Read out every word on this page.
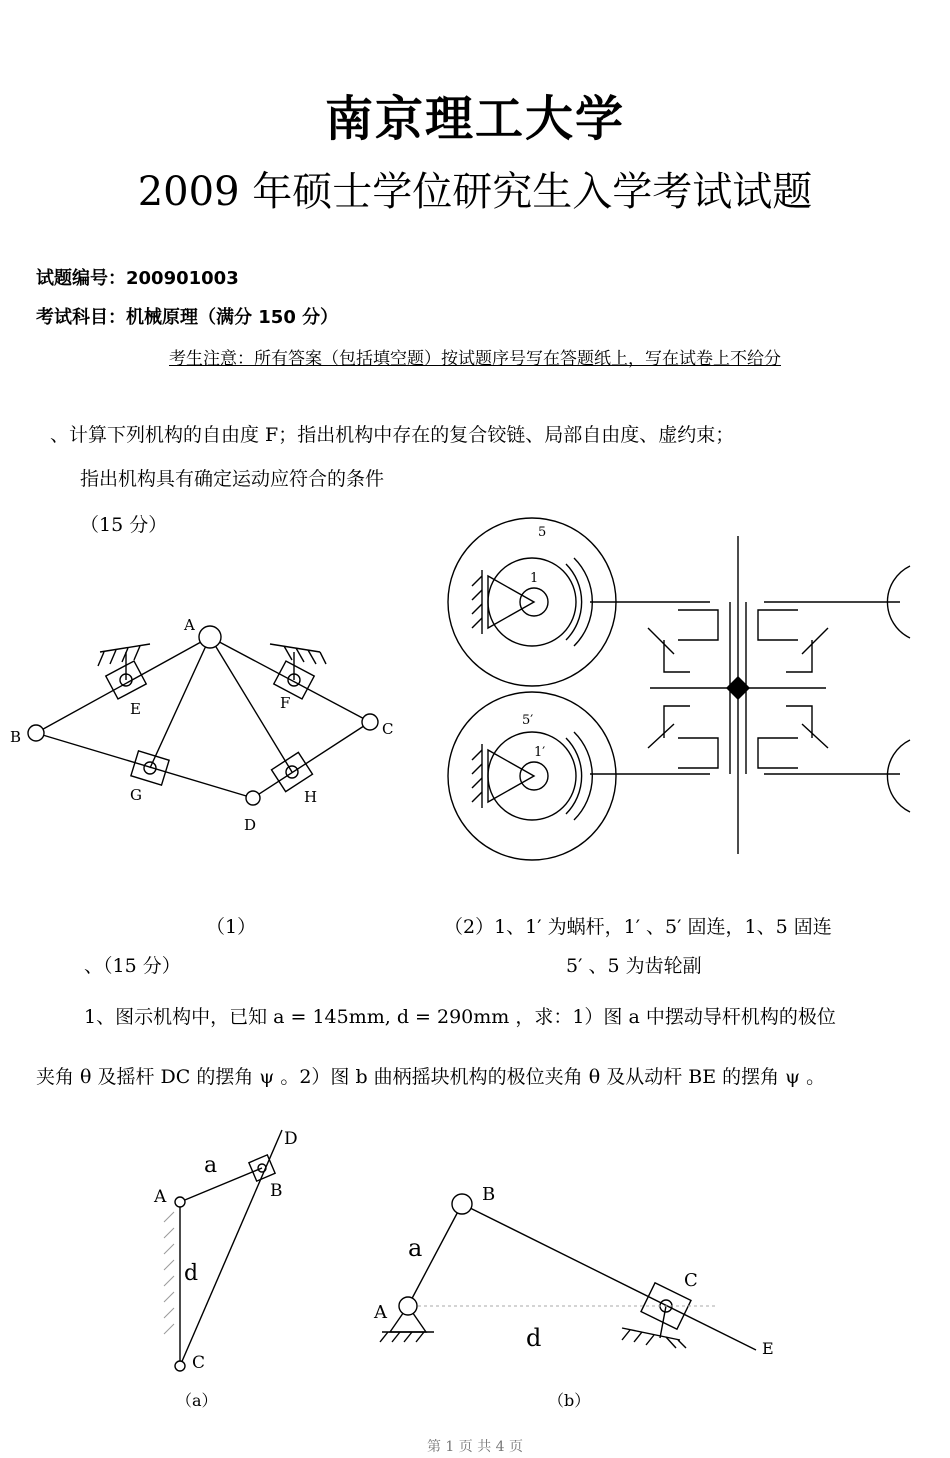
南京理工大学
2009 年硕士学位研究生入学考试试题
试题编号：200901003
考试科目：机械原理（满分 150 分）
考生注意：所有答案（包括填空题）按试题序号写在答题纸上，写在试卷上不给分
、计算下列机构的自由度 F；指出机构中存在的复合铰链、局部自由度、虚约束；
指出机构具有确定运动应符合的条件
（15 分）
A
B	C
D
E	F
G	H
5
1
5′
1′
（1）	（2）1、1′ 为蜗杆，1′ 、5′ 固连，1、5 固连
5′ 、5 为齿轮副
、（15 分）
1、图示机构中，已知 a = 145mm, d = 290mm ，求：1）图 a 中摆动导杆机构的极位
夹角 θ 及摇杆 DC 的摆角 ψ 。2）图 b 曲柄摇块机构的极位夹角 θ 及从动杆 BE 的摆角 ψ 。
A	B
C
D
a
d
A
B
C
E
a
d
（a）	（b）
第 1 页 共 4 页
